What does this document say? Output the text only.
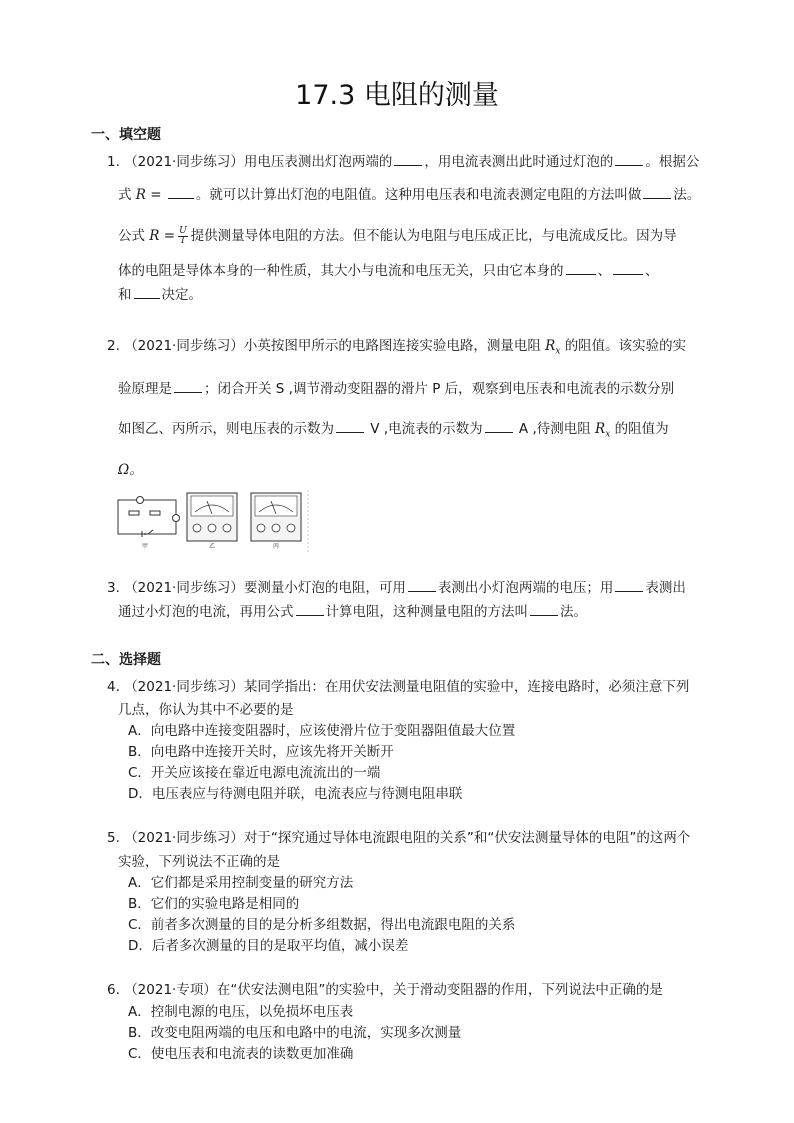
17.3 电阻的测量
一、填空题
1. （2021·同步练习）用电压表测出灯泡两端的 ，用电流表测出此时通过灯泡的 。根据公
式 R =	。就可以计算出灯泡的电阻值。这种用电压表和电流表测定电阻的方法叫做 法。
公式 $R = \frac{U}{I}$ 提供测量导体电阻的方法。但不能认为电阻与电压成正比，与电流成反比。因为导
体的电阻是导体本身的一种性质，其大小与电流和电压无关，只由它本身的	、	、
和 决定。
2. （2021·同步练习）小英按图甲所示的电路图连接实验电路，测量电阻 $R_x$ 的阻值。该实验的实
验原理是 ；闭合开关 S ,调节滑动变阻器的滑片 P 后，观察到电压表和电流表的示数分别
如图乙、丙所示，则电压表的示数为	V ,电流表的示数为	A ,待测电阻 $R_x$ 的阻值为
Ω。
甲	乙	丙
3. （2021·同步练习）要测量小灯泡的电阻，可用 表测出小灯泡两端的电压；用 表测出
通过小灯泡的电流，再用公式 计算电阻，这种测量电阻的方法叫 法。
二、选择题
4. （2021·同步练习）某同学指出：在用伏安法测量电阻值的实验中，连接电路时，必须注意下列
几点，你认为其中不必要的是
A．向电路中连接变阻器时，应该使滑片位于变阻器阻值最大位置
B．向电路中连接开关时，应该先将开关断开
C．开关应该接在靠近电源电流流出的一端
D．电压表应与待测电阻并联，电流表应与待测电阻串联
5. （2021·同步练习）对于“探究通过导体电流跟电阻的关系”和“伏安法测量导体的电阻”的这两个
实验，下列说法不正确的是
A．它们都是采用控制变量的研究方法
B．它们的实验电路是相同的
C．前者多次测量的目的是分析多组数据，得出电流跟电阻的关系
D．后者多次测量的目的是取平均值，减小误差
6. （2021·专项）在“伏安法测电阻”的实验中，关于滑动变阻器的作用，下列说法中正确的是
A．控制电源的电压，以免损坏电压表
B．改变电阻两端的电压和电路中的电流，实现多次测量
C．使电压表和电流表的读数更加准确
